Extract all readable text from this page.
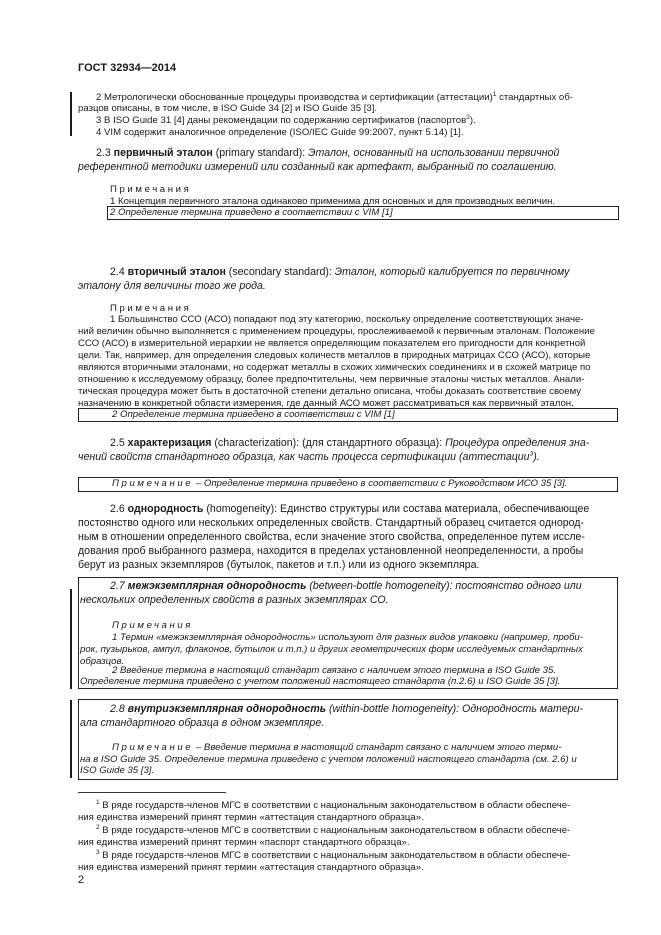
ГОСТ 32934—2014
2 Метрологически обоснованные процедуры производства и сертификации (аттестации)$^1$ стандартных об-
разцов описаны, в том числе, в ISO Guide 34 [2] и ISO Guide 35 [3].
3 В ISO Guide 31 [4] даны рекомендации по содержанию сертификатов (паспортов$^2$).
4 VIM содержит аналогичное определение (ISO/IEC Guide 99:2007, пункт 5.14) [1].
2.3 первичный эталон (primary standard): Эталон, основанный на использовании первичной
референтной методики измерений или созданный как артефакт, выбранный по соглашению.
Примечания
1 Концепция первичного эталона одинаково применима для основных и для производных величин.
2 Определение термина приведено в соответствии с VIM [1]
2.4 вторичный эталон (secondary standard): Эталон, который калибруется по первичному
эталону для величины того же рода.
Примечания
1 Большинство ССО (АСО) попадают под эту категорию, поскольку определение соответствующих значе-
ний величин обычно выполняется с применением процедуры, прослеживаемой к первичным эталонам. Положение
ССО (АСО) в измерительной иерархии не является определяющим показателем его пригодности для конкретной
цели. Так, например, для определения следовых количеств металлов в природных матрицах ССО (АСО), которые
являются вторичными эталонами, но содержат металлы в схожих химических соединениях и в схожей матрице по
отношению к исследуемому образцу, более предпочтительны, чем первичные эталоны чистых металлов. Анали-
тическая процедура может быть в достаточной степени детально описана, чтобы доказать соответствие своему
назначению в конкретной области измерения, где данный АСО может рассматриваться как первичный эталон.
2 Определение термина приведено в соответствии с VIM [1]
2.5 характеризация (characterization): (для стандартного образца): Процедура определения зна-
чений свойств стандартного образца, как часть процесса сертификации (аттестации$^3$).
Примечание – Определение термина приведено в соответствии с Руководством ИСО 35 [3].
2.6 однородность (homogeneity): Единство структуры или состава материала, обеспечивающее
постоянство одного или нескольких определенных свойств. Стандартный образец считается однород-
ным в отношении определенного свойства, если значение этого свойства, определенное путем иссле-
дования проб выбранного размера, находится в пределах установленной неопределенности, а пробы
берут из разных экземпляров (бутылок, пакетов и т.п.) или из одного экземпляра.
2.7 межэкземплярная однородность (between-bottle homogeneity): постоянство одного или
нескольких определенных свойств в разных экземплярах СО.
Примечания
1 Термин «межэкземплярная однородность» используют для разных видов упаковки (например, проби-
рок, пузырьков, ампул, флаконов, бутылок и т.п.) и других геометрических форм исследуемых стандартных
образцов.
2 Введение термина в настоящий стандарт связано с наличием этого термина в ISO Guide 35.
Определение термина приведено с учетом положений настоящего стандарта (п.2.6) и ISO Guide 35 [3].
2.8 внутриэкземплярная однородность (within-bottle homogeneity): Однородность матери-
ала стандартного образца в одном экземпляре.
Примечание – Введение термина в настоящий стандарт связано с наличием этого терми-
на в ISO Guide 35. Определение термина приведено с учетом положений настоящего стандарта (см. 2.6) и
ISO Guide 35 [3].
$^1$ В ряде государств-членов МГС в соответствии с национальным законодательством в области обеспече-
ния единства измерений принят термин «аттестация стандартного образца».
$^2$ В ряде государств-членов МГС в соответствии с национальным законодательством в области обеспече-
ния единства измерений принят термин «паспорт стандартного образца».
$^3$ В ряде государств-членов МГС в соответствии с национальным законодательством в области обеспече-
ния единства измерений принят термин «аттестация стандартного образца».
2
